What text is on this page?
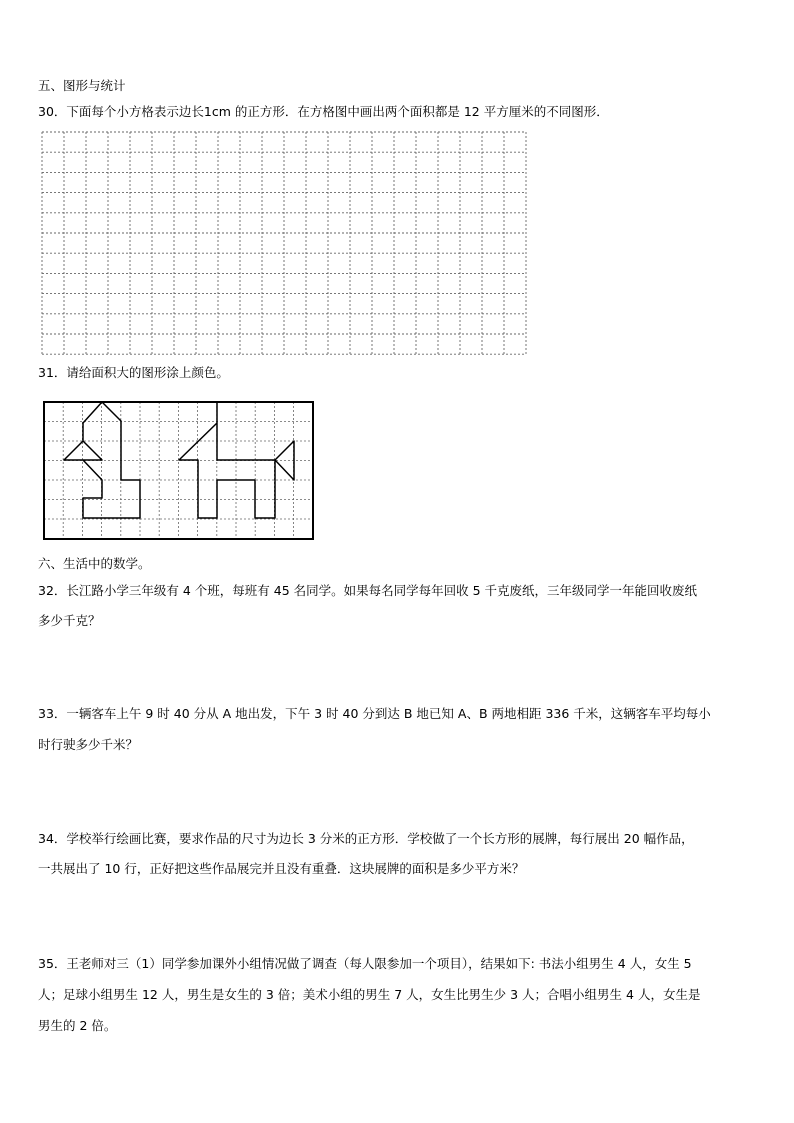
五、图形与统计
30．下面每个小方格表示边长1cm 的正方形．在方格图中画出两个面积都是 12 平方厘米的不同图形．
31．请给面积大的图形涂上颜色。
六、生活中的数学。
32．长江路小学三年级有 4 个班，每班有 45 名同学。如果每名同学每年回收 5 千克废纸，三年级同学一年能回收废纸
多少千克？
33．一辆客车上午 9 时 40 分从 A 地出发，下午 3 时 40 分到达 B 地已知 A、B 两地相距 336 千米，这辆客车平均每小
时行驶多少千米？
34．学校举行绘画比赛，要求作品的尺寸为边长 3 分米的正方形．学校做了一个长方形的展牌，每行展出 20 幅作品，
一共展出了 10 行，正好把这些作品展完并且没有重叠．这块展牌的面积是多少平方米？
35．王老师对三（1）同学参加课外小组情况做了调查（每人限参加一个项目），结果如下: 书法小组男生 4 人，女生 5
人；足球小组男生 12 人，男生是女生的 3 倍；美术小组的男生 7 人，女生比男生少 3 人；合唱小组男生 4 人，女生是
男生的 2 倍。
